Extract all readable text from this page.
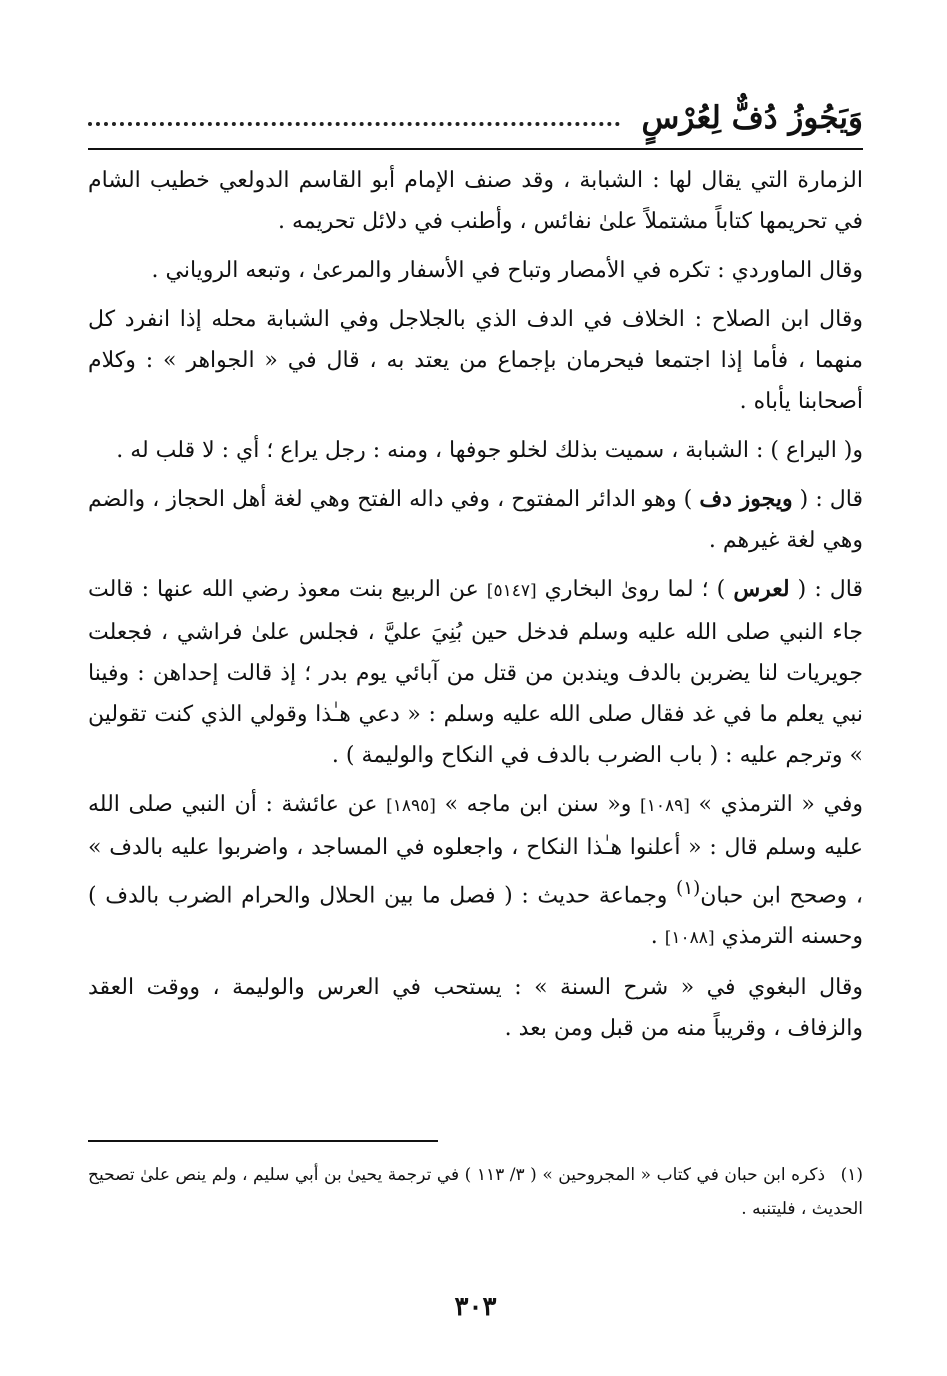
وَيَجُوزُ دُفٌّ لِعُرْسٍ

الزمارة التي يقال لها : الشبابة ، وقد صنف الإمام أبو القاسم الدولعي خطيب الشام في تحريمها كتاباً مشتملاً علىٰ نفائس ، وأطنب في دلائل تحريمه .

وقال الماوردي : تكره في الأمصار وتباح في الأسفار والمرعىٰ ، وتبعه الروياني .

وقال ابن الصلاح : الخلاف في الدف الذي بالجلاجل وفي الشبابة محله إذا انفرد كل منهما ، فأما إذا اجتمعا فيحرمان بإجماع من يعتد به ، قال في « الجواهر » : وكلام أصحابنا يأباه .

و( اليراع ) : الشبابة ، سميت بذلك لخلو جوفها ، ومنه : رجل يراع ؛ أي : لا قلب له .

قال : ( ويجوز دف ) وهو الدائر المفتوح ، وفي داله الفتح وهي لغة أهل الحجاز ، والضم وهي لغة غيرهم .

قال : ( لعرس ) ؛ لما روىٰ البخاري [٥١٤٧] عن الربيع بنت معوذ رضي الله عنها : قالت جاء النبي صلى الله عليه وسلم فدخل حين بُنِيَ عليَّ ، فجلس علىٰ فراشي ، فجعلت جويريات لنا يضربن بالدف ويندبن من قتل من آبائي يوم بدر ؛ إذ قالت إحداهن : وفينا نبي يعلم ما في غد فقال صلى الله عليه وسلم : « دعي هـٰذا وقولي الذي كنت تقولين » وترجم عليه : ( باب الضرب بالدف في النكاح والوليمة ) .

وفي « الترمذي » [١٠٨٩] و« سنن ابن ماجه » [١٨٩٥] عن عائشة : أن النبي صلى الله عليه وسلم قال : « أعلنوا هـٰذا النكاح ، واجعلوه في المساجد ، واضربوا عليه بالدف » ، وصحح ابن حبان$^{(١)}$ وجماعة حديث : ( فصل ما بين الحلال والحرام الضرب بالدف ) وحسنه الترمذي [١٠٨٨] .

وقال البغوي في « شرح السنة » : يستحب في العرس والوليمة ، ووقت العقد والزفاف ، وقريباً منه من قبل ومن بعد .

(١) ذكره ابن حبان في كتاب « المجروحين » ( ٣/ ١١٣ ) في ترجمة يحيىٰ بن أبي سليم ، ولم ينص علىٰ تصحيح الحديث ، فليتنبه .
٣٠٣
